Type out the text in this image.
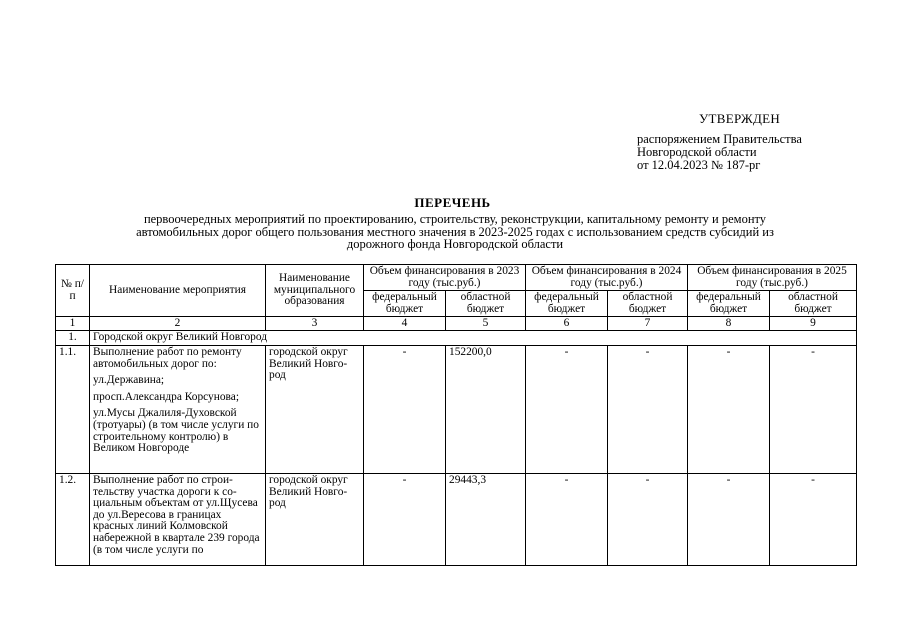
УТВЕРЖДЕН
распоряжением Правительства
Новгородской области
от 12.04.2023 № 187-рг
ПЕРЕЧЕНЬ
первоочередных мероприятий по проектированию, строительству, реконструкции, капитальному ремонту и ремонту
автомобильных дорог общего пользования местного значения в 2023-2025 годах с использованием средств субсидий из
дорожного фонда Новгородской области
№ п/п	Наименование мероприятия	Наименование муниципального образования	Объем финансирования в 2023 году (тыс.руб.)		Объем финансирования в 2024 году (тыс.руб.)		Объем финансирования в 2025 году (тыс.руб.)	
			федеральный бюджет	областной бюджет	федеральный бюджет	областной бюджет	федеральный бюджет	областной бюджет
1	2	3	4	5	6	7	8	9
1.	Городской округ Великий Новгород							
1.1.	Выполнение работ по ремонту автомобильных дорог по:

ул.Державина;

просп.Александра Корсунова;

ул.Мусы Джалиля-Духовской (тротуары) (в том числе услуги по строительному контролю) в Великом Новгороде	городской округ Великий Новгород	-	152200,0	-	-	-	-
1.2.	Выполнение работ по строительству участка дороги к социальным объектам от ул.Щусева до ул.Вересова в границах красных линий Колмовской набережной в квартале 239 города (в том числе услуги по	городской округ Великий Новгород	-	29443,3	-	-	-	-
